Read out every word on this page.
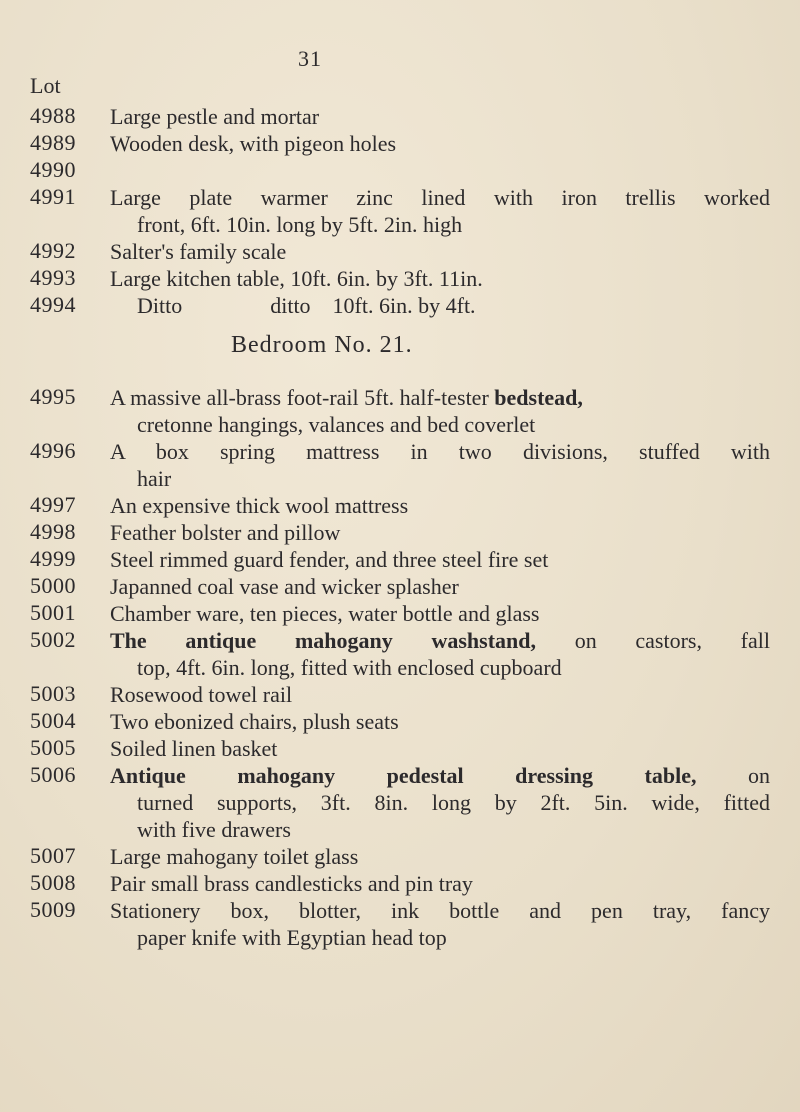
31
Lot
4988 Large pestle and mortar
4989 Wooden desk, with pigeon holes
4990
4991 Large plate warmer zinc lined with iron trellis worked
front, 6ft. 10in. long by 5ft. 2in. high
4992 Salter's family scale
4993 Large kitchen table, 10ft. 6in. by 3ft. 11in.
4994	Ditto                ditto    10ft. 6in. by 4ft.
Bedroom No. 21.
4995 A massive all-brass foot-rail 5ft. half-tester bedstead,
cretonne hangings, valances and bed coverlet
4996 A box spring mattress in two divisions, stuffed with
hair
4997 An expensive thick wool mattress
4998 Feather bolster and pillow
4999 Steel rimmed guard fender, and three steel fire set
5000 Japanned coal vase and wicker splasher
5001 Chamber ware, ten pieces, water bottle and glass
5002 The antique mahogany washstand, on castors, fall
top, 4ft. 6in. long, fitted with enclosed cupboard
5003 Rosewood towel rail
5004 Two ebonized chairs, plush seats
5005 Soiled linen basket
5006 Antique mahogany pedestal dressing table, on
turned supports, 3ft. 8in. long by 2ft. 5in. wide, fitted
with five drawers
5007 Large mahogany toilet glass
5008 Pair small brass candlesticks and pin tray
5009 Stationery box, blotter, ink bottle and pen tray, fancy
paper knife with Egyptian head top
